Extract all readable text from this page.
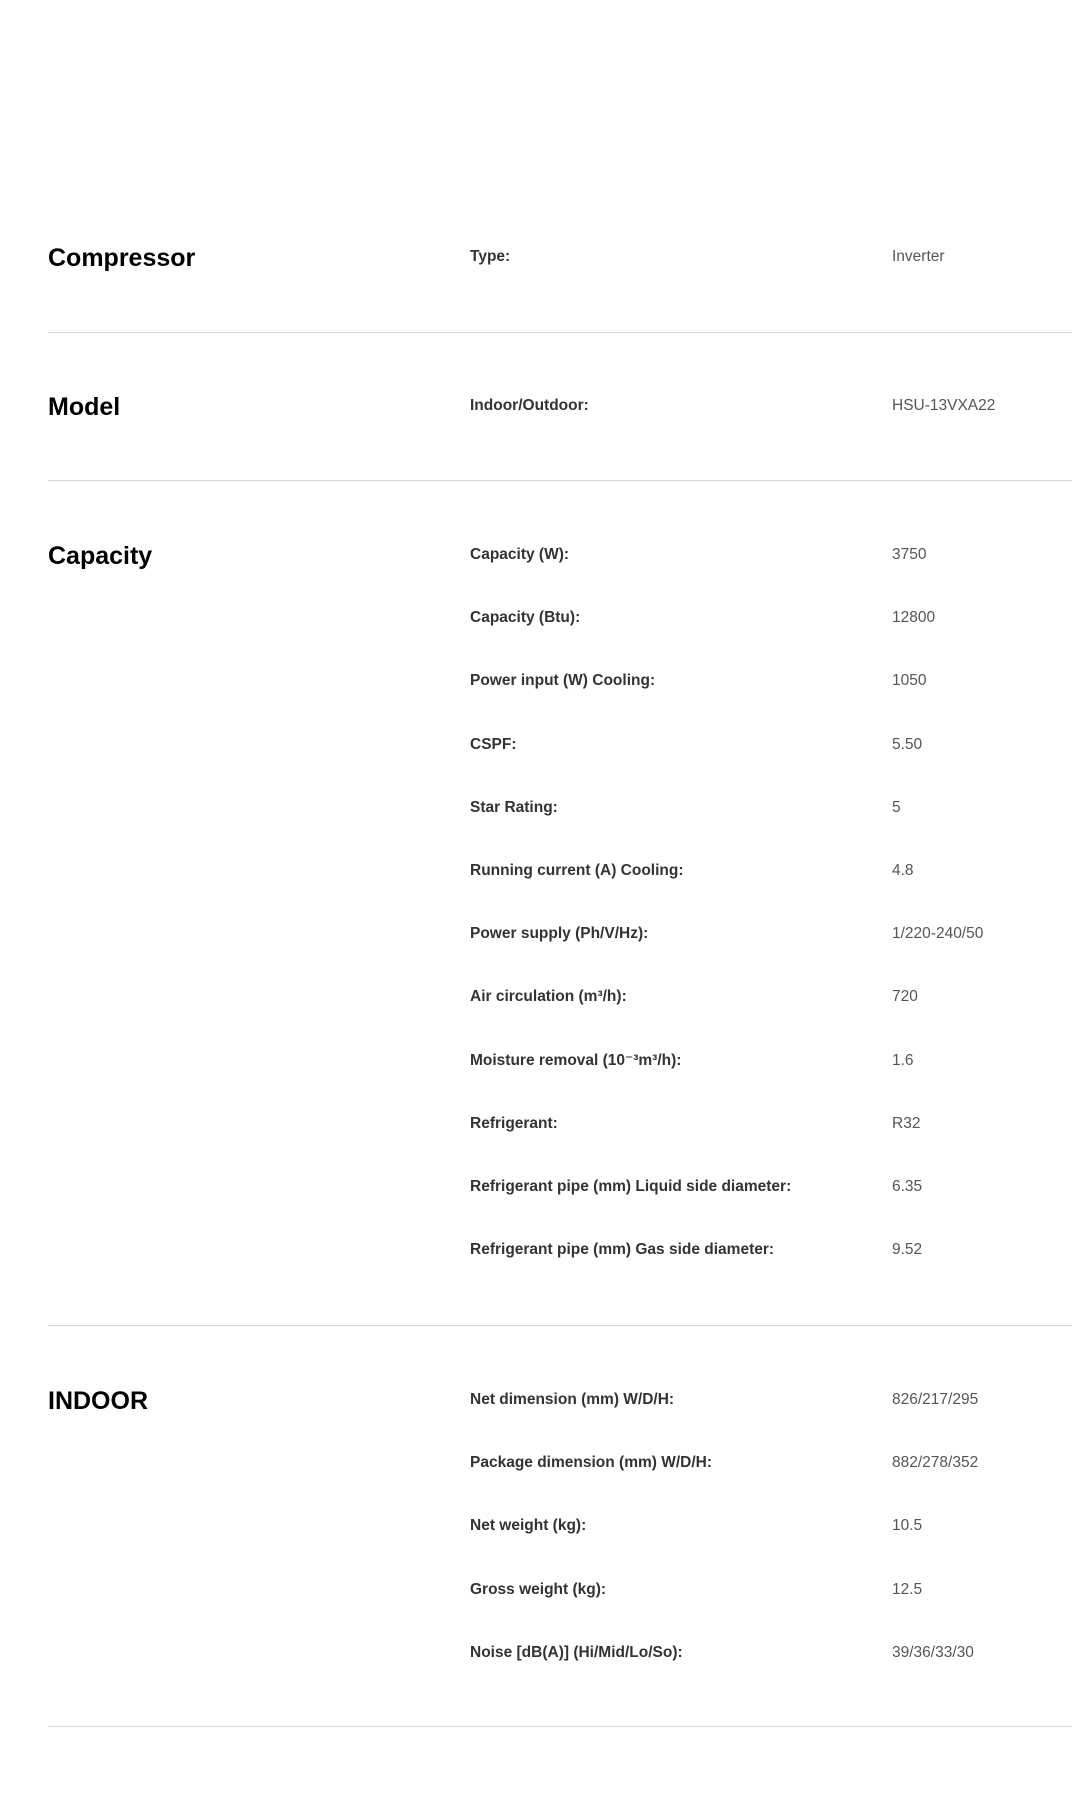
Compressor	Type:	Inverter
Model	Indoor/Outdoor:	HSU-13VXA22
Capacity	Capacity (W):	3750
Capacity (Btu):	12800
Power input (W) Cooling:	1050
CSPF:	5.50
Star Rating:	5
Running current (A) Cooling:	4.8
Power supply (Ph/V/Hz):	1/220-240/50
Air circulation (m³/h):	720
Moisture removal (10⁻³m³/h):	1.6
Refrigerant:	R32
Refrigerant pipe (mm) Liquid side diameter:	6.35
Refrigerant pipe (mm) Gas side diameter:	9.52
INDOOR	Net dimension (mm) W/D/H:	826/217/295
Package dimension (mm) W/D/H:	882/278/352
Net weight (kg):	10.5
Gross weight (kg):	12.5
Noise [dB(A)] (Hi/Mid/Lo/So):	39/36/33/30
